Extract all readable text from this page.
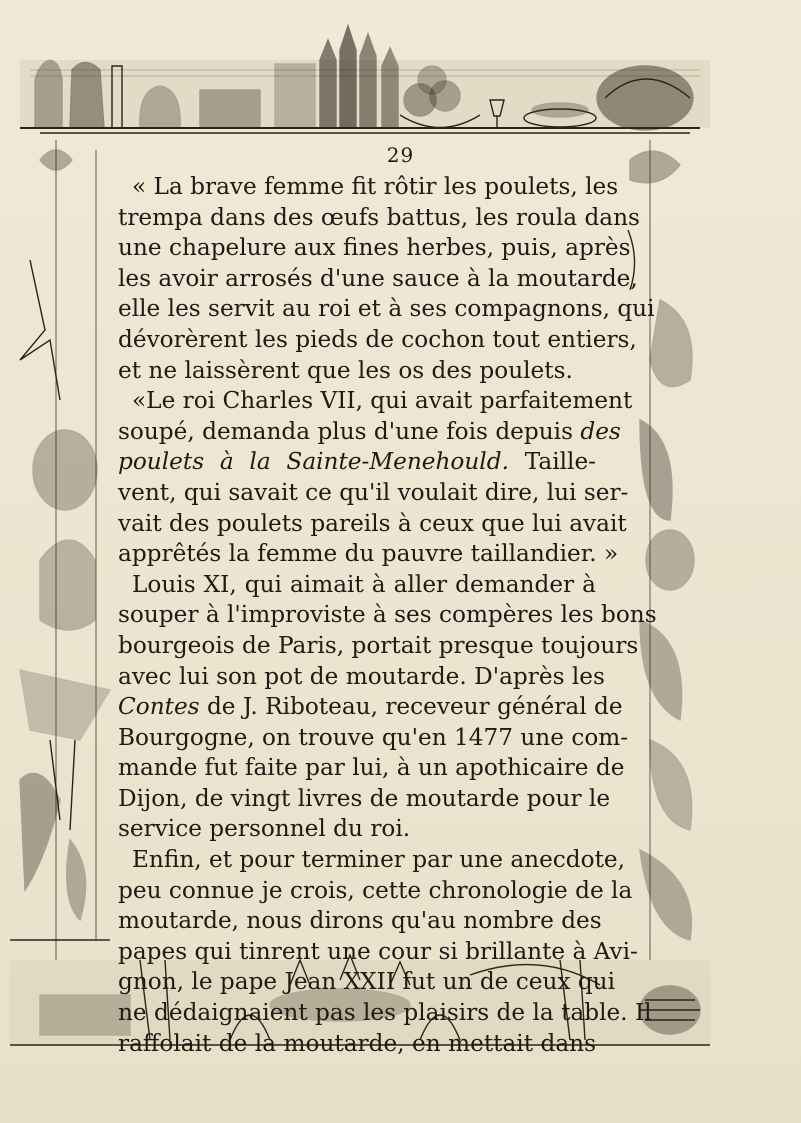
29
« La brave femme fit rôtir les poulets, les
trempa dans des œufs battus, les roula dans
une chapelure aux fines herbes, puis, après
les avoir arrosés d'une sauce à la moutarde,
elle les servit au roi et à ses compagnons, qui
dévorèrent les pieds de cochon tout entiers,
et ne laissèrent que les os des poulets.
«Le roi Charles VII, qui avait parfaitement
soupé, demanda plus d'une fois depuis des
poulets à la Sainte-Menehould. Taille-
vent, qui savait ce qu'il voulait dire, lui ser-
vait des poulets pareils à ceux que lui avait
apprêtés la femme du pauvre taillandier. »
Louis XI, qui aimait à aller demander à
souper à l'improviste à ses compères les bons
bourgeois de Paris, portait presque toujours
avec lui son pot de moutarde. D'après les
Contes de J. Riboteau, receveur général de
Bourgogne, on trouve qu'en 1477 une com-
mande fut faite par lui, à un apothicaire de
Dijon, de vingt livres de moutarde pour le
service personnel du roi.
Enfin, et pour terminer par une anecdote,
peu connue je crois, cette chronologie de la
moutarde, nous dirons qu'au nombre des
papes qui tinrent une cour si brillante à Avi-
gnon, le pape Jean XXII fut un de ceux qui
ne dédaignaient pas les plaisirs de la table. Il
raffolait de la moutarde, en mettait dans
